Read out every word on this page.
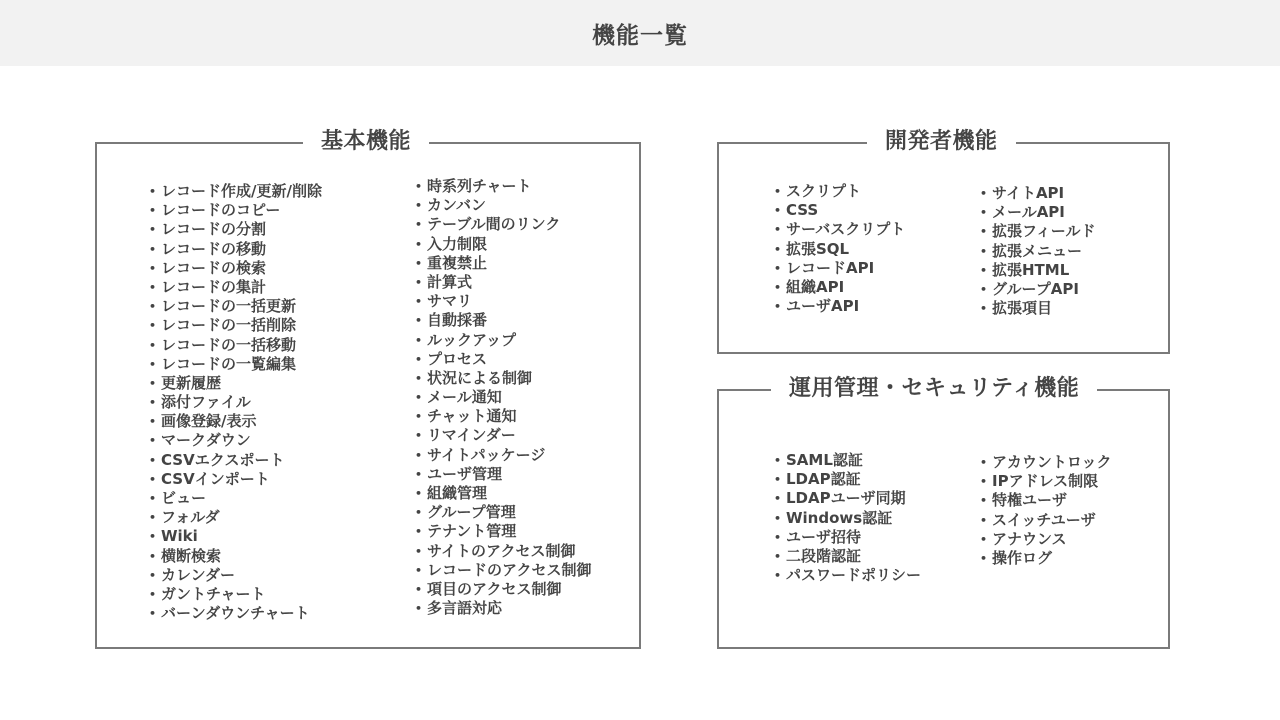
機能一覧
基本機能
• レコード作成/更新/削除
• レコードのコピー
• レコードの分割
• レコードの移動
• レコードの検索
• レコードの集計
• レコードの一括更新
• レコードの一括削除
• レコードの一括移動
• レコードの一覧編集
• 更新履歴
• 添付ファイル
• 画像登録/表示
• マークダウン
• CSVエクスポート
• CSVインポート
• ビュー
• フォルダ
• Wiki
• 横断検索
• カレンダー
• ガントチャート
• バーンダウンチャート
• 時系列チャート
• カンバン
• テーブル間のリンク
• 入力制限
• 重複禁止
• 計算式
• サマリ
• 自動採番
• ルックアップ
• プロセス
• 状況による制御
• メール通知
• チャット通知
• リマインダー
• サイトパッケージ
• ユーザ管理
• 組織管理
• グループ管理
• テナント管理
• サイトのアクセス制御
• レコードのアクセス制御
• 項目のアクセス制御
• 多言語対応
開発者機能
• スクリプト
• CSS
• サーバスクリプト
• 拡張SQL
• レコードAPI
• 組織API
• ユーザAPI
• サイトAPI
• メールAPI
• 拡張フィールド
• 拡張メニュー
• 拡張HTML
• グループAPI
• 拡張項目
運用管理・セキュリティ機能
• SAML認証
• LDAP認証
• LDAPユーザ同期
• Windows認証
• ユーザ招待
• 二段階認証
• パスワードポリシー
• アカウントロック
• IPアドレス制限
• 特権ユーザ
• スイッチユーザ
• アナウンス
• 操作ログ
